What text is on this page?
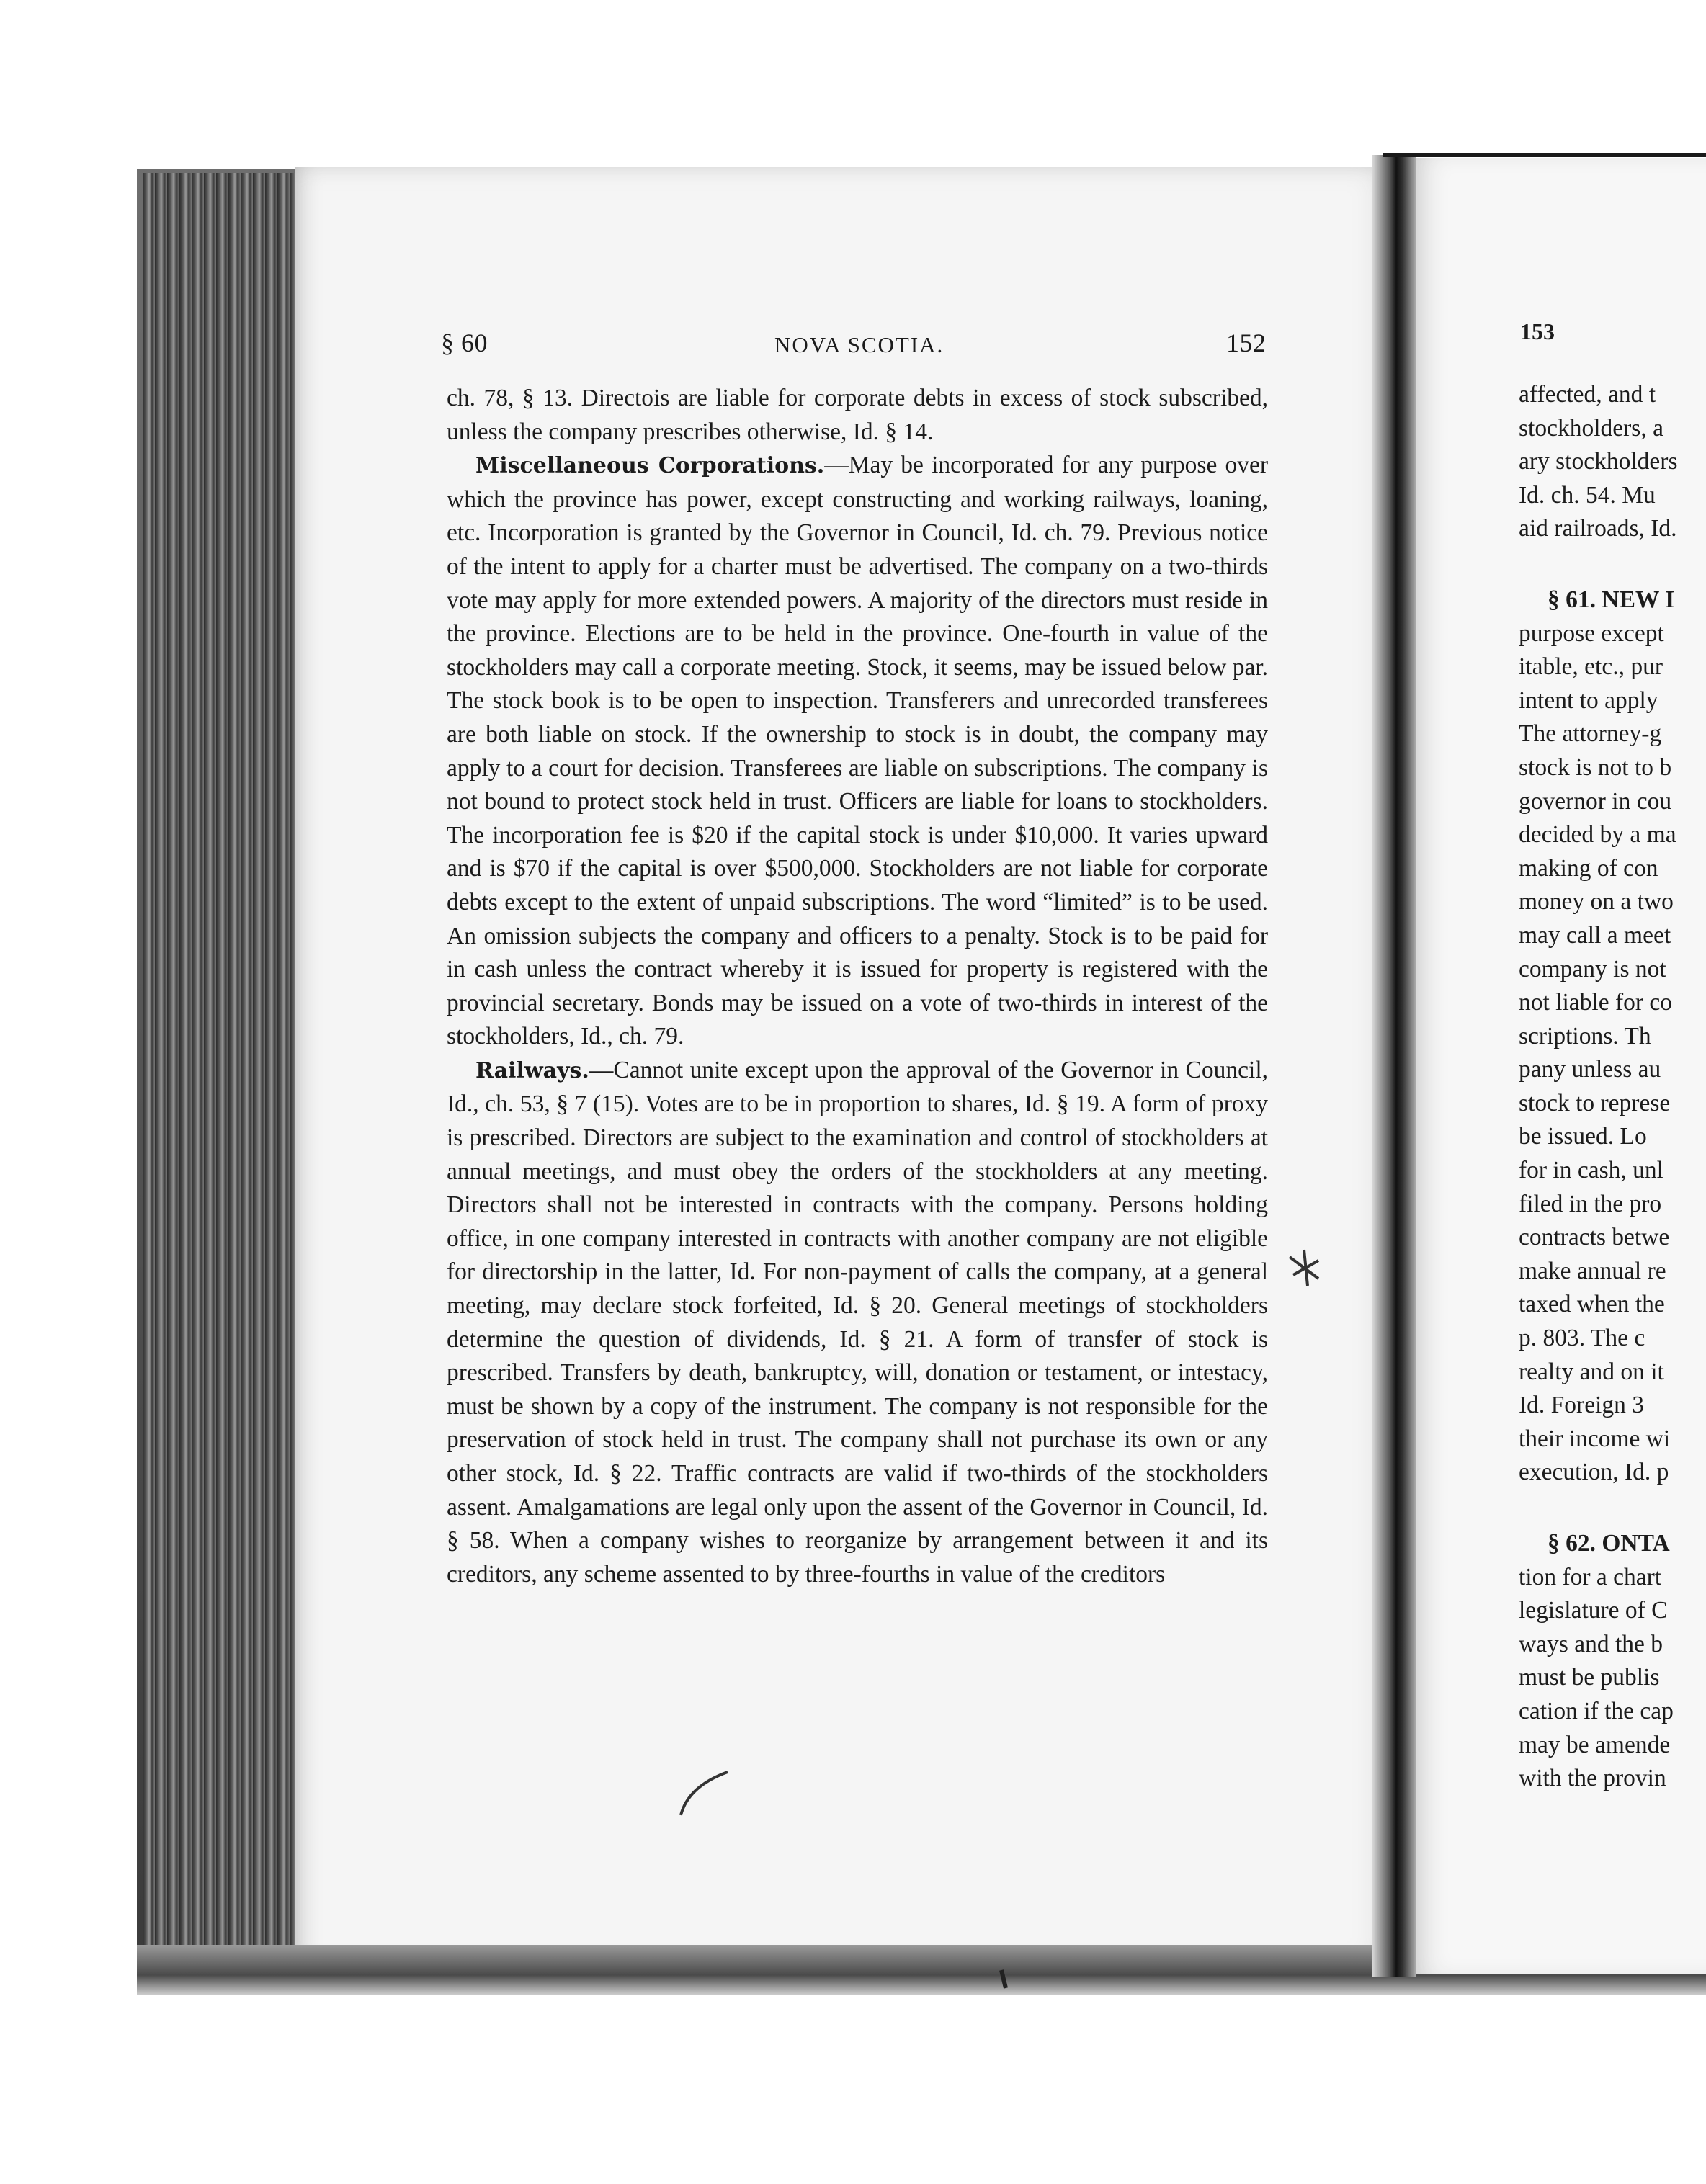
§ 60	NOVA SCOTIA.	152

ch. 78, § 13. Directois are liable for corporate debts in excess of stock subscribed, unless the company prescribes otherwise, Id. § 14.

Miscellaneous Corporations.—May be incorporated for any purpose over which the province has power, except constructing and working railways, loaning, etc. Incorporation is granted by the Governor in Council, Id. ch. 79. Previous notice of the intent to apply for a charter must be advertised. The company on a two-thirds vote may apply for more extended powers. A majority of the directors must reside in the province. Elections are to be held in the province. One-fourth in value of the stockholders may call a corporate meeting. Stock, it seems, may be issued below par. The stock book is to be open to inspection. Transferers and unrecorded transferees are both liable on stock. If the ownership to stock is in doubt, the company may apply to a court for decision. Transferees are liable on subscriptions. The company is not bound to protect stock held in trust. Officers are liable for loans to stockholders. The incorporation fee is $20 if the capital stock is under $10,000. It varies upward and is $70 if the capital is over $500,000. Stockholders are not liable for corporate debts except to the extent of unpaid subscriptions. The word “limited” is to be used. An omission subjects the company and officers to a penalty. Stock is to be paid for in cash unless the contract whereby it is issued for property is registered with the provincial secretary. Bonds may be issued on a vote of two-thirds in interest of the stockholders, Id., ch. 79.

Railways.—Cannot unite except upon the approval of the Governor in Council, Id., ch. 53, § 7 (15). Votes are to be in proportion to shares, Id. § 19. A form of proxy is prescribed. Directors are subject to the examination and control of stockholders at annual meetings, and must obey the orders of the stockholders at any meeting. Directors shall not be interested in contracts with the company. Persons holding office, in one company interested in contracts with another company are not eligible for directorship in the latter, Id. For non-payment of calls the company, at a general meeting, may declare stock forfeited, Id. § 20. General meetings of stockholders determine the question of dividends, Id. § 21. A form of transfer of stock is prescribed. Transfers by death, bankruptcy, will, donation or testament, or intestacy, must be shown by a copy of the instrument. The company is not responsible for the preservation of stock held in trust. The company shall not purchase its own or any other stock, Id. § 22. Traffic contracts are valid if two-thirds of the stockholders assent. Amalgamations are legal only upon the assent of the Governor in Council, Id. § 58. When a company wishes to reorganize by arrangement between it and its creditors, any scheme assented to by three-fourths in value of the creditors

153
affected, and t
stockholders, a
ary stockholders
Id. ch. 54. Mu
aid railroads, Id.
§ 61. NEW I
purpose except
itable, etc., pur
intent to apply
The attorney-g
stock is not to b
governor in cou
decided by a ma
making of con
money on a two
may call a meet
company is not
not liable for co
scriptions. Th
pany unless au
stock to represe
be issued. Lo
for in cash, unl
filed in the pro
contracts betwe
make annual re
taxed when the
p. 803. The c
realty and on it
Id. Foreign 3
their income wi
execution, Id. p
§ 62. ONTA
tion for a chart
legislature of C
ways and the b
must be publis
cation if the cap
may be amende
with the provin
